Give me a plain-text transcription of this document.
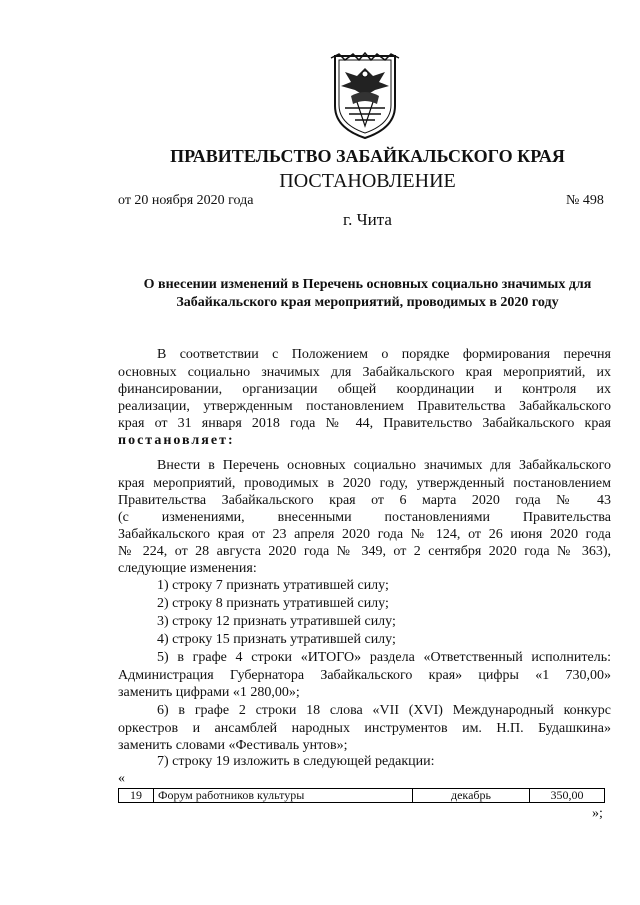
ПРАВИТЕЛЬСТВО ЗАБАЙКАЛЬСКОГО КРАЯ
ПОСТАНОВЛЕНИЕ
от 20 ноября 2020 года	№ 498
г. Чита
О внесении изменений в Перечень основных социально значимых для
Забайкальского края мероприятий, проводимых в 2020 году
В соответствии с Положением о порядке формирования перечня
основных социально значимых для Забайкальского края мероприятий, их
финансировании, организации общей координации и контроля их
реализации, утвержденным постановлением Правительства Забайкальского
края от 31 января 2018 года № 44, Правительство Забайкальского края
постановляет:
Внести в Перечень основных социально значимых для Забайкальского
края мероприятий, проводимых в 2020 году, утвержденный постановлением
Правительства Забайкальского края от 6 марта 2020 года № 43
(с изменениями, внесенными постановлениями Правительства
Забайкальского края от 23 апреля 2020 года № 124, от 26 июня 2020 года
№ 224, от 28 августа 2020 года № 349, от 2 сентября 2020 года № 363),
следующие изменения:
1) строку 7 признать утратившей силу;
2) строку 8 признать утратившей силу;
3) строку 12 признать утратившей силу;
4) строку 15 признать утратившей силу;
5) в графе 4 строки «ИТОГО» раздела «Ответственный исполнитель:
Администрация Губернатора Забайкальского края» цифры «1 730,00»
заменить цифрами «1 280,00»;
6) в графе 2 строки 18 слова «VII (XVI) Международный конкурс
оркестров и ансамблей народных инструментов им. Н.П. Будашкина»
заменить словами «Фестиваль унтов»;
7) строку 19 изложить в следующей редакции:
«
19	Форум работников культуры	декабрь	350,00
»;
